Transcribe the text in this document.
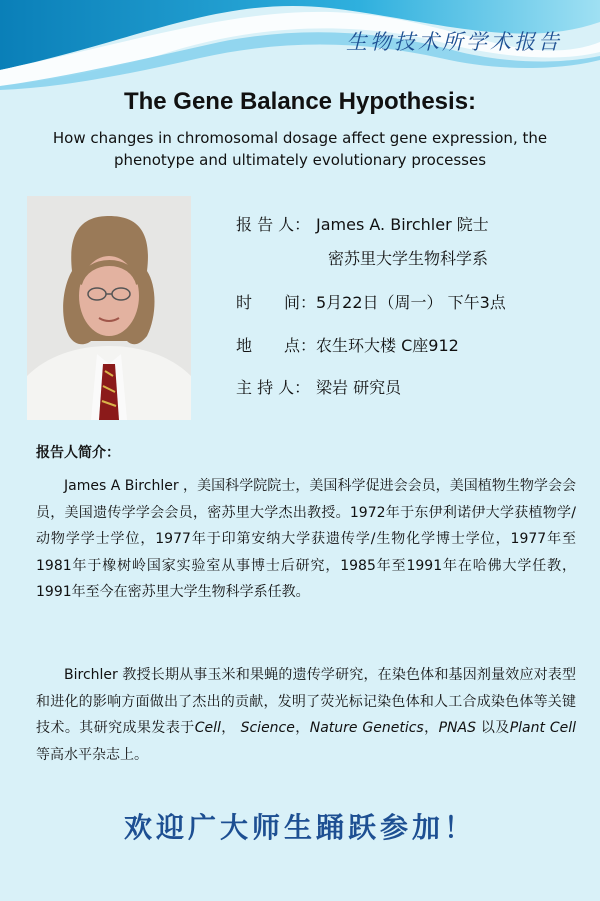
生物技术所学术报告
The Gene Balance Hypothesis:
How changes in chromosomal dosage affect gene expression, the phenotype and ultimately evolutionary processes
报 告 人： James A. Birchler 院士
密苏里大学生物科学系
时　　间：5月22日（周一） 下午3点
地　　点：农生环大楼 C座912
主 持 人： 梁岩 研究员
报告人简介：
James A Birchler ，美国科学院院士，美国科学促进会会员，美国植物生物学会会员，美国遗传学学会会员，密苏里大学杰出教授。1972年于东伊利诺伊大学获植物学/动物学学士学位，1977年于印第安纳大学获遗传学/生物化学博士学位，1977年至1981年于橡树岭国家实验室从事博士后研究，1985年至1991年在哈佛大学任教，1991年至今在密苏里大学生物科学系任教。
Birchler 教授长期从事玉米和果蝇的遗传学研究，在染色体和基因剂量效应对表型和进化的影响方面做出了杰出的贡献，发明了荧光标记染色体和人工合成染色体等关键技术。其研究成果发表于Cell， Science，Nature Genetics，PNAS 以及Plant Cell 等高水平杂志上。
欢迎广大师生踊跃参加！
